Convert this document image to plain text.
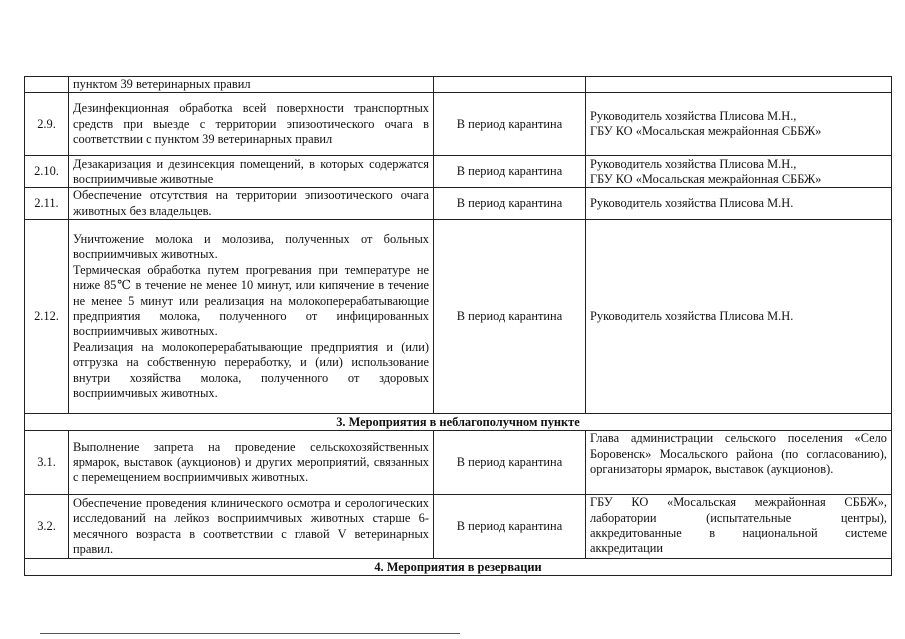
	пунктом 39 ветеринарных правил		

2.9.	Дезинфекционная обработка всей поверхности транспортных средств при выезде с территории эпизоотического очага в соответствии с пунктом 39 ветеринарных правил	В период карантина	Руководитель хозяйства Плисова М.Н.,
ГБУ КО «Мосальская межрайонная СББЖ»

2.10.	Дезакаризация и дезинсекция помещений, в которых содержатся восприимчивые животные	В период карантина	Руководитель хозяйства Плисова М.Н.,
ГБУ КО «Мосальская межрайонная СББЖ»

2.11.	Обеспечение отсутствия на территории эпизоотического очага животных без владельцев.	В период карантина	Руководитель хозяйства Плисова М.Н.

2.12.	Уничтожение молока и молозива, полученных от больных восприимчивых животных.
Термическая обработка путем прогревания при температуре не ниже 85℃ в течение не менее 10 минут, или кипячение в течение не менее 5 минут или реализация на молокоперерабатывающие предприятия молока, полученного от инфицированных восприимчивых животных.
Реализация на молокоперерабатывающие предприятия и (или) отгрузка на собственную переработку, и (или) использование внутри хозяйства молока, полученного от здоровых восприимчивых животных.	В период карантина	Руководитель хозяйства Плисова М.Н.

3. Мероприятия в неблагополучном пункте			
3.1.	Выполнение запрета на проведение сельскохозяйственных ярмарок, выставок (аукционов) и других мероприятий, связанных с перемещением восприимчивых животных.	В период карантина	Глава администрации сельского поселения «Село Боровенск» Мосальского района (по согласованию), организаторы ярмарок, выставок (аукционов).
3.2.	Обеспечение проведения клинического осмотра и серологических исследований на лейкоз восприимчивых животных старше 6-месячного возраста в соответствии с главой V ветеринарных правил.	В период карантина	ГБУ КО «Мосальская межрайонная СББЖ», лаборатории (испытательные центры), аккредитованные в национальной системе аккредитации
4. Мероприятия в резервации			
